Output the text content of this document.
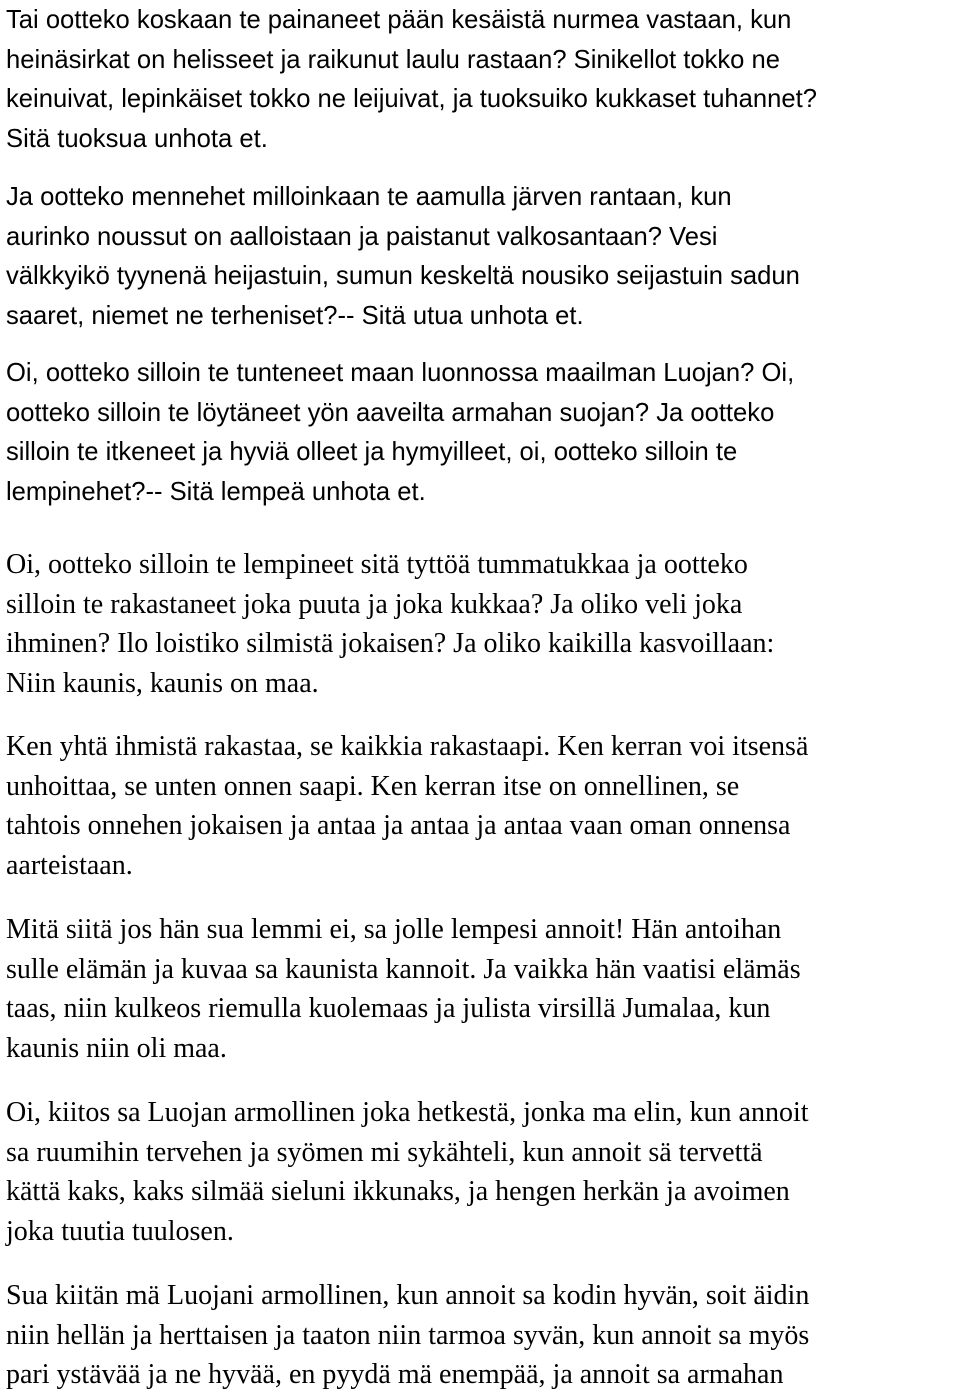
Tai ootteko koskaan te painaneet pään kesäistä nurmea vastaan, kun
heinäsirkat on helisseet ja raikunut laulu rastaan? Sinikellot tokko ne
keinuivat, lepinkäiset tokko ne leijuivat, ja tuoksuiko kukkaset tuhannet?
Sitä tuoksua unhota et.
Ja ootteko mennehet milloinkaan te aamulla järven rantaan, kun
aurinko noussut on aalloistaan ja paistanut valkosantaan? Vesi
välkkyikö tyynenä heijastuin, sumun keskeltä nousiko seijastuin sadun
saaret, niemet ne terheniset?-- Sitä utua unhota et.
Oi, ootteko silloin te tunteneet maan luonnossa maailman Luojan? Oi,
ootteko silloin te löytäneet yön aaveilta armahan suojan? Ja ootteko
silloin te itkeneet ja hyviä olleet ja hymyilleet, oi, ootteko silloin te
lempinehet?-- Sitä lempeä unhota et.
Oi, ootteko silloin te lempineet sitä tyttöä tummatukkaa ja ootteko
silloin te rakastaneet joka puuta ja joka kukkaa? Ja oliko veli joka
ihminen? Ilo loistiko silmistä jokaisen? Ja oliko kaikilla kasvoillaan:
Niin kaunis, kaunis on maa.
Ken yhtä ihmistä rakastaa, se kaikkia rakastaapi. Ken kerran voi itsensä
unhoittaa, se unten onnen saapi. Ken kerran itse on onnellinen, se
tahtois onnehen jokaisen ja antaa ja antaa ja antaa vaan oman onnensa
aarteistaan.
Mitä siitä jos hän sua lemmi ei, sa jolle lempesi annoit! Hän antoihan
sulle elämän ja kuvaa sa kaunista kannoit. Ja vaikka hän vaatisi elämäs
taas, niin kulkeos riemulla kuolemaas ja julista virsillä Jumalaa, kun
kaunis niin oli maa.
Oi, kiitos sa Luojan armollinen joka hetkestä, jonka ma elin, kun annoit
sa ruumihin tervehen ja syömen mi sykähteli, kun annoit sä tervettä
kättä kaks, kaks silmää sieluni ikkunaks, ja hengen herkän ja avoimen
joka tuutia tuulosen.
Sua kiitän mä Luojani armollinen, kun annoit sa kodin hyvän, soit äidin
niin hellän ja herttaisen ja taaton niin tarmoa syvän, kun annoit sa myös
pari ystävää ja ne hyvää, en pyydä mä enempää, ja annoit sa armahan
